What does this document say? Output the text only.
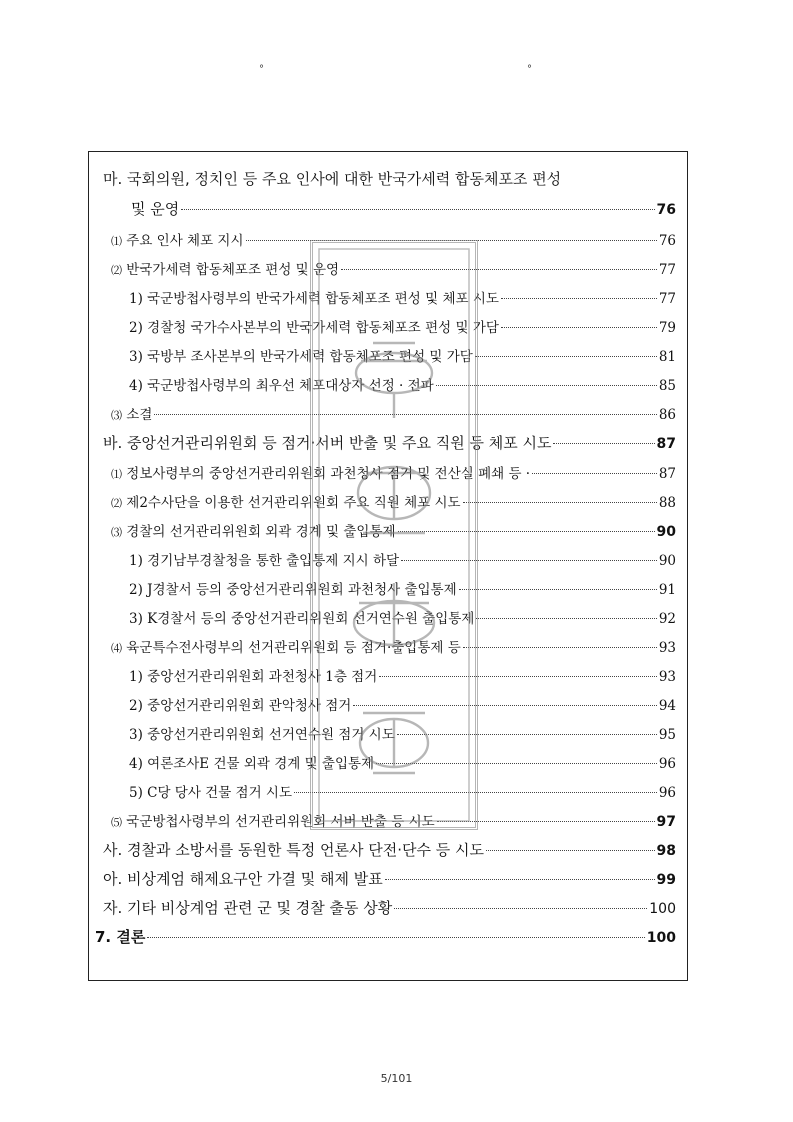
°	°
마. 국회의원, 정치인 등 주요 인사에 대한 반국가세력 합동체포조 편성
및 운영	76
⑴ 주요 인사 체포 지시	76
⑵ 반국가세력 합동체포조 편성 및 운영	77
1) 국군방첩사령부의 반국가세력 합동체포조 편성 및 체포 시도	77
2) 경찰청 국가수사본부의 반국가세력 합동체포조 편성 및 가담	79
3) 국방부 조사본부의 반국가세력 합동체포조 편성 및 가담	81
4) 국군방첩사령부의 최우선 체포대상자 선정 · 전파	85
⑶ 소결	86
바. 중앙선거관리위원회 등 점거·서버 반출 및 주요 직원 등 체포 시도	87
⑴ 정보사령부의 중앙선거관리위원회 과천청사 점거 및 전산실 폐쇄 등 ·	87
⑵ 제2수사단을 이용한 선거관리위원회 주요 직원 체포 시도	88
⑶ 경찰의 선거관리위원회 외곽 경계 및 출입통제	90
1) 경기남부경찰청을 통한 출입통제 지시 하달	90
2) J경찰서 등의 중앙선거관리위원회 과천청사 출입통제	91
3) K경찰서 등의 중앙선거관리위원회 선거연수원 출입통제	92
⑷ 육군특수전사령부의 선거관리위원회 등 점거·출입통제 등	93
1) 중앙선거관리위원회 과천청사 1층 점거	93
2) 중앙선거관리위원회 관악청사 점거	94
3) 중앙선거관리위원회 선거연수원 점거 시도	95
4) 여론조사E 건물 외곽 경계 및 출입통제	96
5) C당 당사 건물 점거 시도	96
⑸ 국군방첩사령부의 선거관리위원회 서버 반출 등 시도	97
사. 경찰과 소방서를 동원한 특정 언론사 단전·단수 등 시도	98
아. 비상계엄 해제요구안 가결 및 해제 발표	99
자. 기타 비상계엄 관련 군 및 경찰 출동 상황	100
7. 결론	100
5/101
